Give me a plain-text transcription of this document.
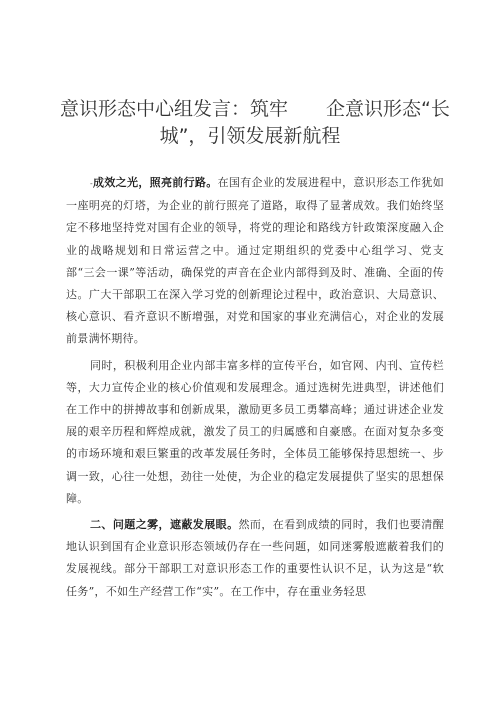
意识形态中心组发言：筑牢 企意识形态“长
城”，引领发展新航程

-成效之光，照亮前行路。在国有企业的发展进程中，意识形态工作犹如一座明亮的灯塔，为企业的前行照亮了道路，取得了显著成效。我们始终坚定不移地坚持党对国有企业的领导，将党的理论和路线方针政策深度融入企业的战略规划和日常运营之中。通过定期组织的党委中心组学习、党支部“三会一课”等活动，确保党的声音在企业内部得到及时、准确、全面的传达。广大干部职工在深入学习党的创新理论过程中，政治意识、大局意识、核心意识、看齐意识不断增强，对党和国家的事业充满信心，对企业的发展前景满怀期待。

同时，积极利用企业内部丰富多样的宣传平台，如官网、内刊、宣传栏等，大力宣传企业的核心价值观和发展理念。通过选树先进典型，讲述他们在工作中的拼搏故事和创新成果，激励更多员工勇攀高峰；通过讲述企业发展的艰辛历程和辉煌成就，激发了员工的归属感和自豪感。在面对复杂多变的市场环境和艰巨繁重的改革发展任务时，全体员工能够保持思想统一、步调一致，心往一处想，劲往一处使，为企业的稳定发展提供了坚实的思想保障。

二、问题之雾，遮蔽发展眼。然而，在看到成绩的同时，我们也要清醒地认识到国有企业意识形态领域仍存在一些问题，如同迷雾般遮蔽着我们的发展视线。部分干部职工对意识形态工作的重要性认识不足，认为这是“软任务”，不如生产经营工作“实”。在工作中，存在重业务轻思
